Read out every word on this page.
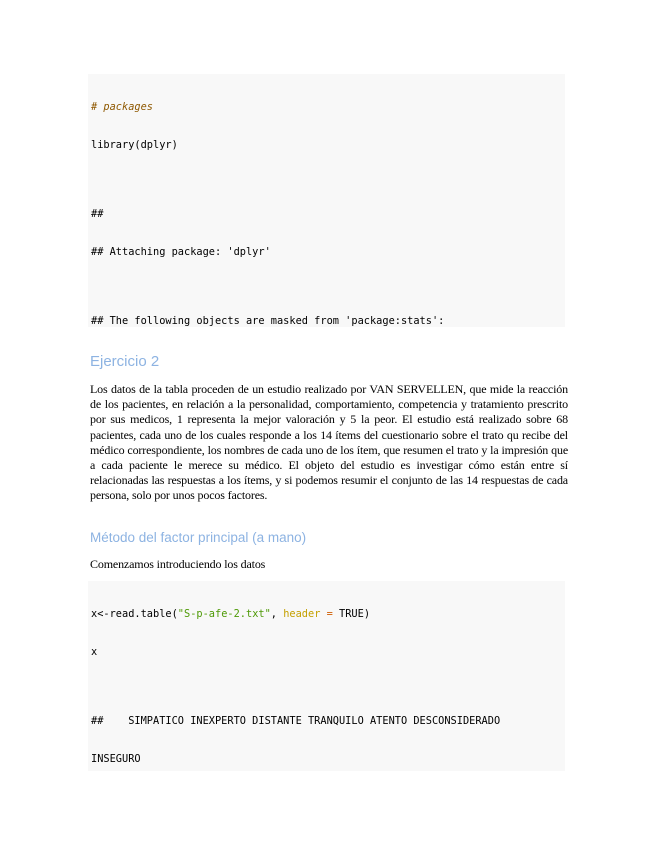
# packages

library(dplyr)

##

## Attaching package: 'dplyr'

## The following objects are masked from 'package:stats':

Ejercicio 2

Los datos de la tabla proceden de un estudio realizado por VAN SERVELLEN, que mide la reacción de los pacientes, en relación a la personalidad, comportamiento, competencia y tratamiento prescrito por sus medicos, 1 representa la mejor valoración y 5 la peor. El estudio está realizado sobre 68 pacientes, cada uno de los cuales responde a los 14 ítems del cuestionario sobre el trato qu recibe del médico correspondiente, los nombres de cada uno de los ítem, que resumen el trato y la impresión que a cada paciente le merece su médico. El objeto del estudio es investigar cómo están entre sí relacionadas las respuestas a los ítems, y si podemos resumir el conjunto de las 14 respuestas de cada persona, solo por unos pocos factores.

Método del factor principal (a mano)

Comenzamos introduciendo los datos

x<-read.table("S-p-afe-2.txt", header = TRUE)

x

##    SIMPATICO INEXPERTO DISTANTE TRANQUILO ATENTO DESCONSIDERADO

INSEGURO
